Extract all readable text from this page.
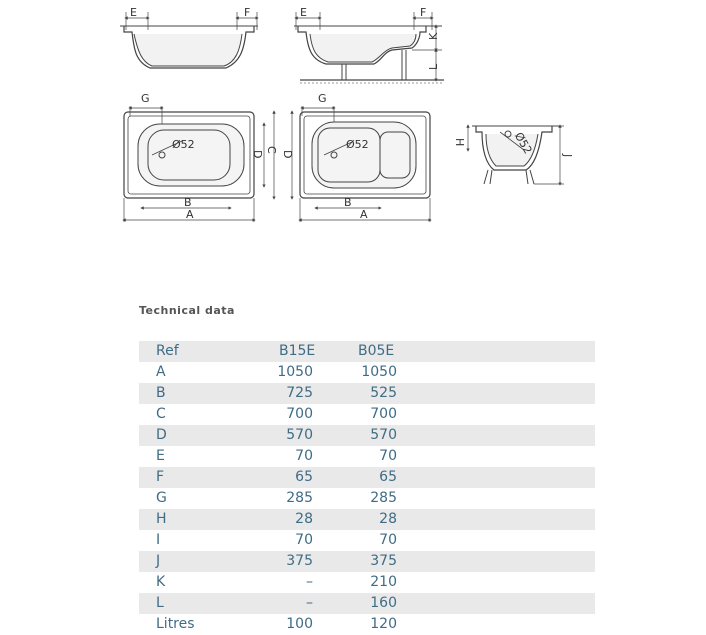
E	F	E	F
K
L
G
Ø52
D
C
B
A
G
D
Ø52
B
A
H	Ø52 J
Technical data
Ref	B15E	B05E
A	1050	1050
B	725	525
C	700	700
D	570	570
E	70	70
F	65	65
G	285	285
H	28	28
I	70	70
J	375	375
K	–	210
L	–	160
Litres	100	120
